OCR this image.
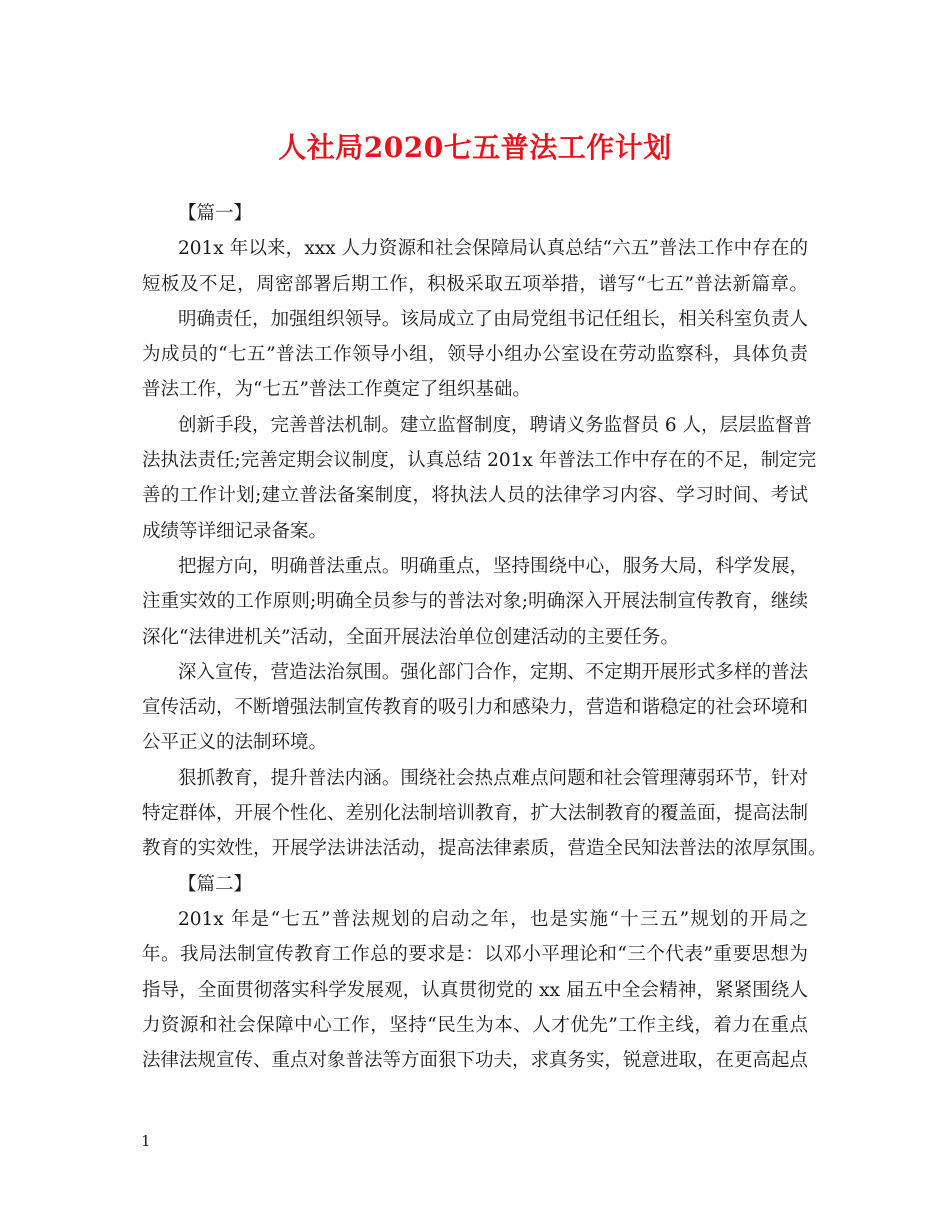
人社局2020七五普法工作计划
【篇一】
201x 年以来，xxx 人力资源和社会保障局认真总结“六五”普法工作中存在的
短板及不足，周密部署后期工作，积极采取五项举措，谱写“七五”普法新篇章。
明确责任，加强组织领导。该局成立了由局党组书记任组长，相关科室负责人
为成员的“七五”普法工作领导小组，领导小组办公室设在劳动监察科，具体负责
普法工作，为“七五”普法工作奠定了组织基础。
创新手段，完善普法机制。建立监督制度，聘请义务监督员 6 人，层层监督普
法执法责任;完善定期会议制度，认真总结 201x 年普法工作中存在的不足，制定完
善的工作计划;建立普法备案制度，将执法人员的法律学习内容、学习时间、考试
成绩等详细记录备案。
把握方向，明确普法重点。明确重点，坚持围绕中心，服务大局，科学发展，
注重实效的工作原则;明确全员参与的普法对象;明确深入开展法制宣传教育，继续
深化“法律进机关”活动，全面开展法治单位创建活动的主要任务。
深入宣传，营造法治氛围。强化部门合作，定期、不定期开展形式多样的普法
宣传活动，不断增强法制宣传教育的吸引力和感染力，营造和谐稳定的社会环境和
公平正义的法制环境。
狠抓教育，提升普法内涵。围绕社会热点难点问题和社会管理薄弱环节，针对
特定群体，开展个性化、差别化法制培训教育，扩大法制教育的覆盖面，提高法制
教育的实效性，开展学法讲法活动，提高法律素质，营造全民知法普法的浓厚氛围。
【篇二】
201x 年是“七五”普法规划的启动之年，也是实施“十三五”规划的开局之
年。我局法制宣传教育工作总的要求是：以邓小平理论和“三个代表”重要思想为
指导，全面贯彻落实科学发展观，认真贯彻党的 xx 届五中全会精神，紧紧围绕人
力资源和社会保障中心工作，坚持“民生为本、人才优先”工作主线，着力在重点
法律法规宣传、重点对象普法等方面狠下功夫，求真务实，锐意进取，在更高起点
1
